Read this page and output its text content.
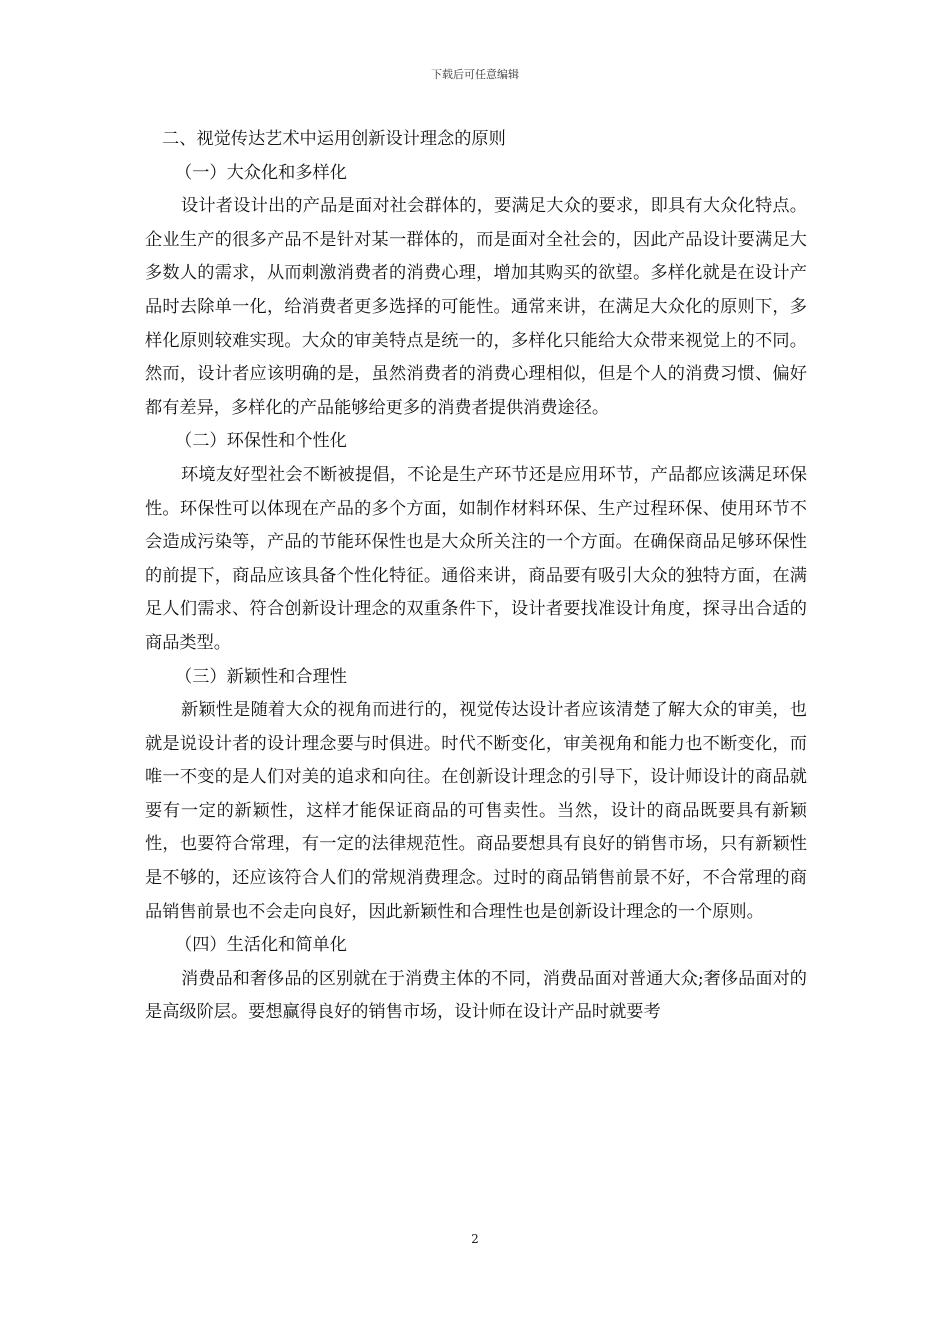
下载后可任意编辑

二、视觉传达艺术中运用创新设计理念的原则

（一）大众化和多样化

设计者设计出的产品是面对社会群体的，要满足大众的要求，即具有大众化特点。企业生产的很多产品不是针对某一群体的，而是面对全社会的，因此产品设计要满足大多数人的需求，从而刺激消费者的消费心理，增加其购买的欲望。多样化就是在设计产品时去除单一化，给消费者更多选择的可能性。通常来讲，在满足大众化的原则下，多样化原则较难实现。大众的审美特点是统一的，多样化只能给大众带来视觉上的不同。然而，设计者应该明确的是，虽然消费者的消费心理相似，但是个人的消费习惯、偏好都有差异，多样化的产品能够给更多的消费者提供消费途径。

（二）环保性和个性化

环境友好型社会不断被提倡，不论是生产环节还是应用环节，产品都应该满足环保性。环保性可以体现在产品的多个方面，如制作材料环保、生产过程环保、使用环节不会造成污染等，产品的节能环保性也是大众所关注的一个方面。在确保商品足够环保性的前提下，商品应该具备个性化特征。通俗来讲，商品要有吸引大众的独特方面，在满足人们需求、符合创新设计理念的双重条件下，设计者要找准设计角度，探寻出合适的商品类型。

（三）新颖性和合理性

新颖性是随着大众的视角而进行的，视觉传达设计者应该清楚了解大众的审美，也就是说设计者的设计理念要与时俱进。时代不断变化，审美视角和能力也不断变化，而唯一不变的是人们对美的追求和向往。在创新设计理念的引导下，设计师设计的商品就要有一定的新颖性，这样才能保证商品的可售卖性。当然，设计的商品既要具有新颖性，也要符合常理，有一定的法律规范性。商品要想具有良好的销售市场，只有新颖性是不够的，还应该符合人们的常规消费理念。过时的商品销售前景不好，不合常理的商品销售前景也不会走向良好，因此新颖性和合理性也是创新设计理念的一个原则。

（四）生活化和简单化

消费品和奢侈品的区别就在于消费主体的不同，消费品面对普通大众;奢侈品面对的是高级阶层。要想赢得良好的销售市场，设计师在设计产品时就要考

2
